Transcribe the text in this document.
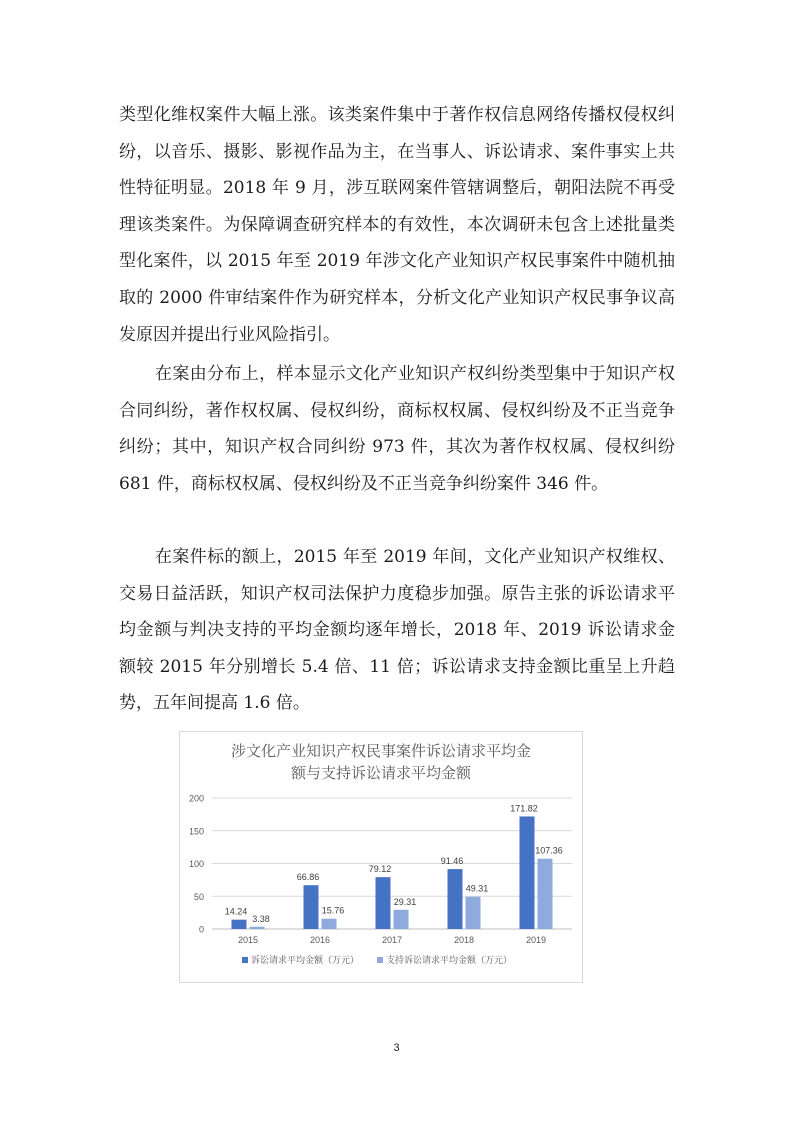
类型化维权案件大幅上涨。该类案件集中于著作权信息网络传播权侵权纠纷，以音乐、摄影、影视作品为主，在当事人、诉讼请求、案件事实上共性特征明显。2018 年 9 月，涉互联网案件管辖调整后，朝阳法院不再受理该类案件。为保障调查研究样本的有效性，本次调研未包含上述批量类型化案件，以 2015 年至 2019 年涉文化产业知识产权民事案件中随机抽取的 2000 件审结案件作为研究样本，分析文化产业知识产权民事争议高发原因并提出行业风险指引。

在案由分布上，样本显示文化产业知识产权纠纷类型集中于知识产权合同纠纷，著作权权属、侵权纠纷，商标权权属、侵权纠纷及不正当竞争纠纷；其中，知识产权合同纠纷 973 件，其次为著作权权属、侵权纠纷 681 件，商标权权属、侵权纠纷及不正当竞争纠纷案件 346 件。

在案件标的额上，2015 年至 2019 年间，文化产业知识产权维权、交易日益活跃，知识产权司法保护力度稳步加强。原告主张的诉讼请求平均金额与判决支持的平均金额均逐年增长，2018 年、2019 诉讼请求金额较 2015 年分别增长 5.4 倍、11 倍；诉讼请求支持金额比重呈上升趋势，五年间提高 1.6 倍。

涉文化产业知识产权民事案件诉讼请求平均金
额与支持诉讼请求平均金额
0
50
100
150
200
2015
14.24
3.38
2016
66.86
15.76
2017
79.12
29.31
2018
91.46
49.31
2019
171.82
107.36
诉讼请求平均金额（万元）	支持诉讼请求平均金额（万元）
3
